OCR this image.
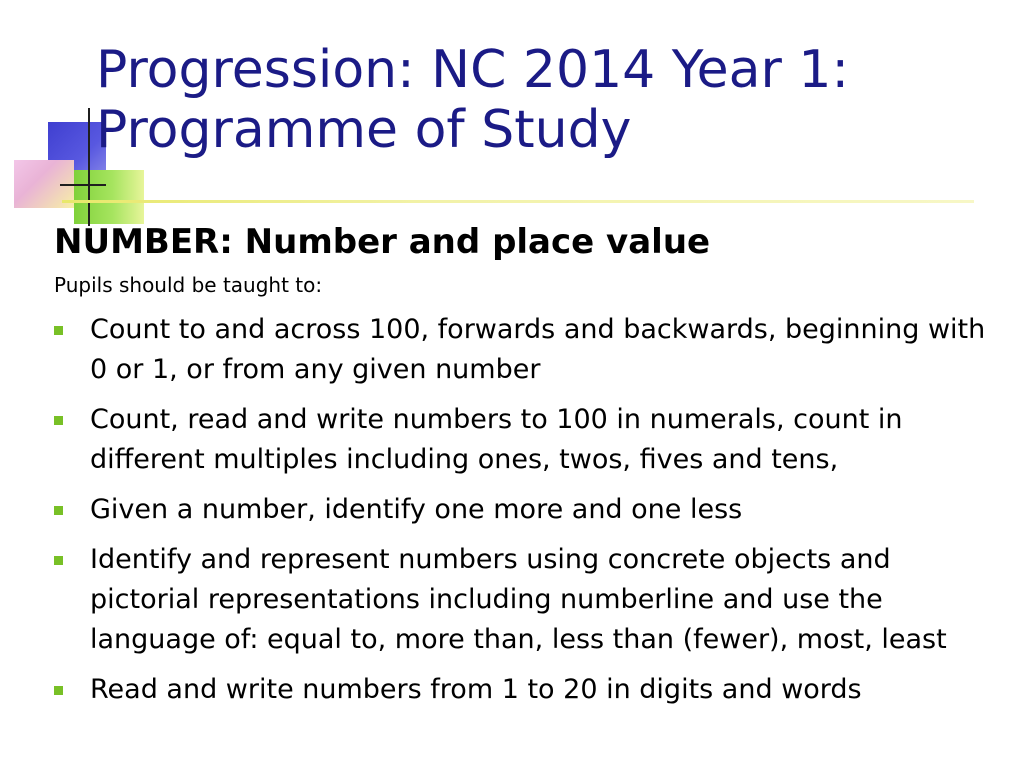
Progression: NC 2014 Year 1:
Programme of Study
NUMBER: Number and place value
Pupils should be taught to:
Count to and across 100, forwards and backwards, beginning with 0 or 1, or from any given number
Count, read and write numbers to 100 in numerals, count in different multiples including ones, twos, fives and tens,
Given a number, identify one more and one less
Identify and represent numbers using concrete objects and pictorial representations including numberline and use the language of: equal to, more than, less than (fewer), most, least
Read and write numbers from 1 to 20 in digits and words
